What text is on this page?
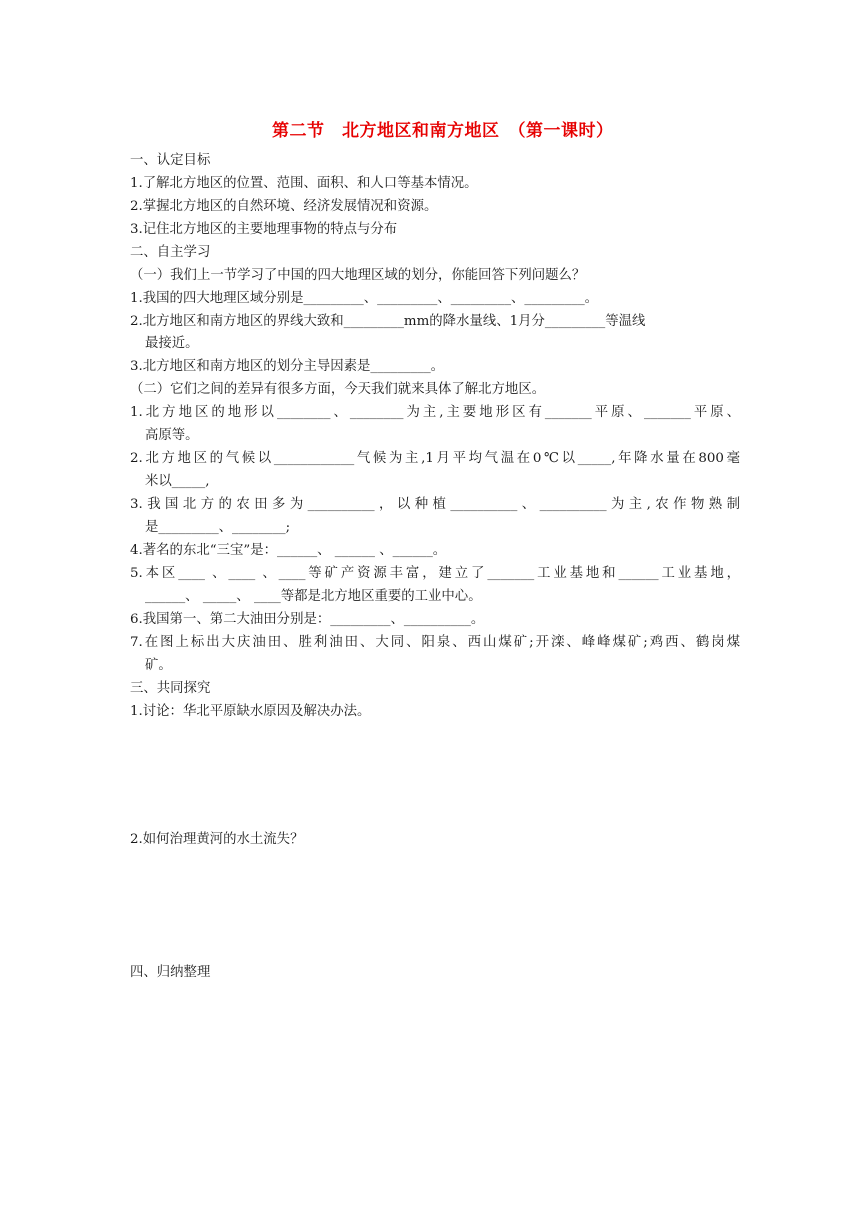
第二节　北方地区和南方地区　（第一课时）
一、认定目标
1.了解北方地区的位置、范围、面积、和人口等基本情况。
2.掌握北方地区的自然环境、经济发展情况和资源。
3.记住北方地区的主要地理事物的特点与分布
二、自主学习
（一）我们上一节学习了中国的四大地理区域的划分，你能回答下列问题么？
1.我国的四大地理区域分别是_________、_________、_________、_________。
2.北方地区和南方地区的界线大致和_________mm的降水量线、1月分_________等温线
最接近。
3.北方地区和南方地区的划分主导因素是_________。
（二）它们之间的差异有很多方面，今天我们就来具体了解北方地区。
1.北方地区的地形以________、________为主,主要地形区有_______平原、_______平原、
高原等。
2.北方地区的气候以____________气候为主,1月平均气温在0℃以_____,年降水量在800毫
米以_____,
3.我国北方的农田多为__________，以种植__________、__________为主,农作物熟制
是_________、________;
4.著名的东北“三宝”是：______、 ______ 、______。
5.本区____ 、____ 、____等矿产资源丰富，建立了_______工业基地和______工业基地，
______、 _____、 ____等都是北方地区重要的工业中心。
6.我国第一、第二大油田分别是：_________、__________。
7.在图上标出大庆油田、胜利油田、大同、阳泉、西山煤矿;开滦、峰峰煤矿;鸡西、鹤岗煤
矿。
三、共同探究
1.讨论：华北平原缺水原因及解决办法。
2.如何治理黄河的水土流失？
四、归纳整理
